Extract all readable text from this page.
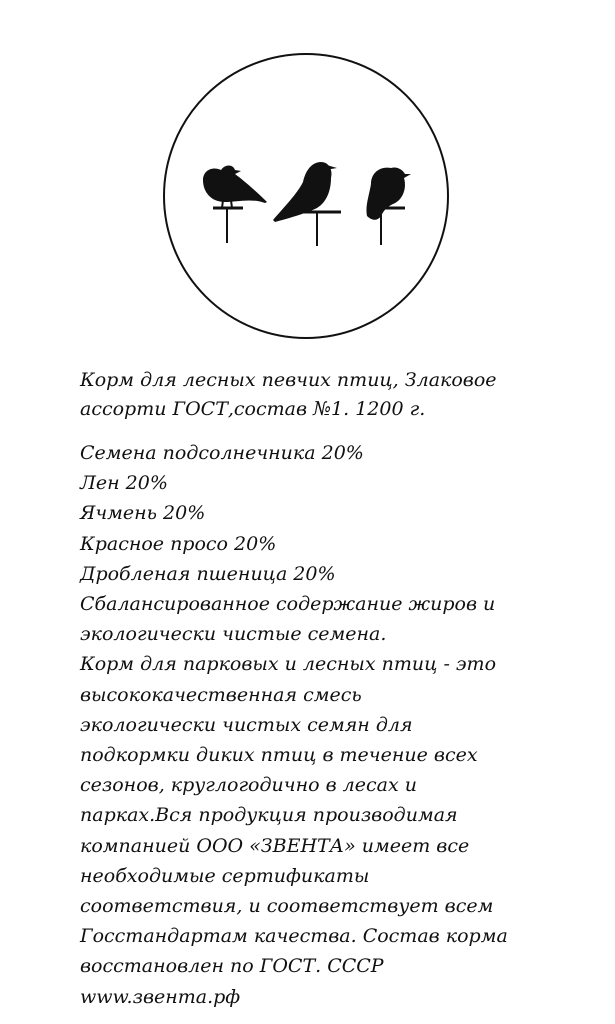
Корм для лесных певчих птиц, Злаковое
ассорти ГОСТ,состав №1. 1200 г.
Семена подсолнечника 20%
Лен 20%
Ячмень 20%
Красное просо 20%
Дробленая пшеница 20%
Сбалансированное содержание жиров и
экологически чистые семена.
Корм для парковых и лесных птиц - это
высококачественная смесь
экологически чистых семян для
подкормки диких птиц в течение всех
сезонов, круглогодично в лесах и
парках.Вся продукция производимая
компанией ООО «ЗВЕНТА» имеет все
необходимые сертификаты
соответствия, и соответствует всем
Госстандартам качества. Состав корма
восстановлен по ГОСТ. СССР
www.звента.рф
